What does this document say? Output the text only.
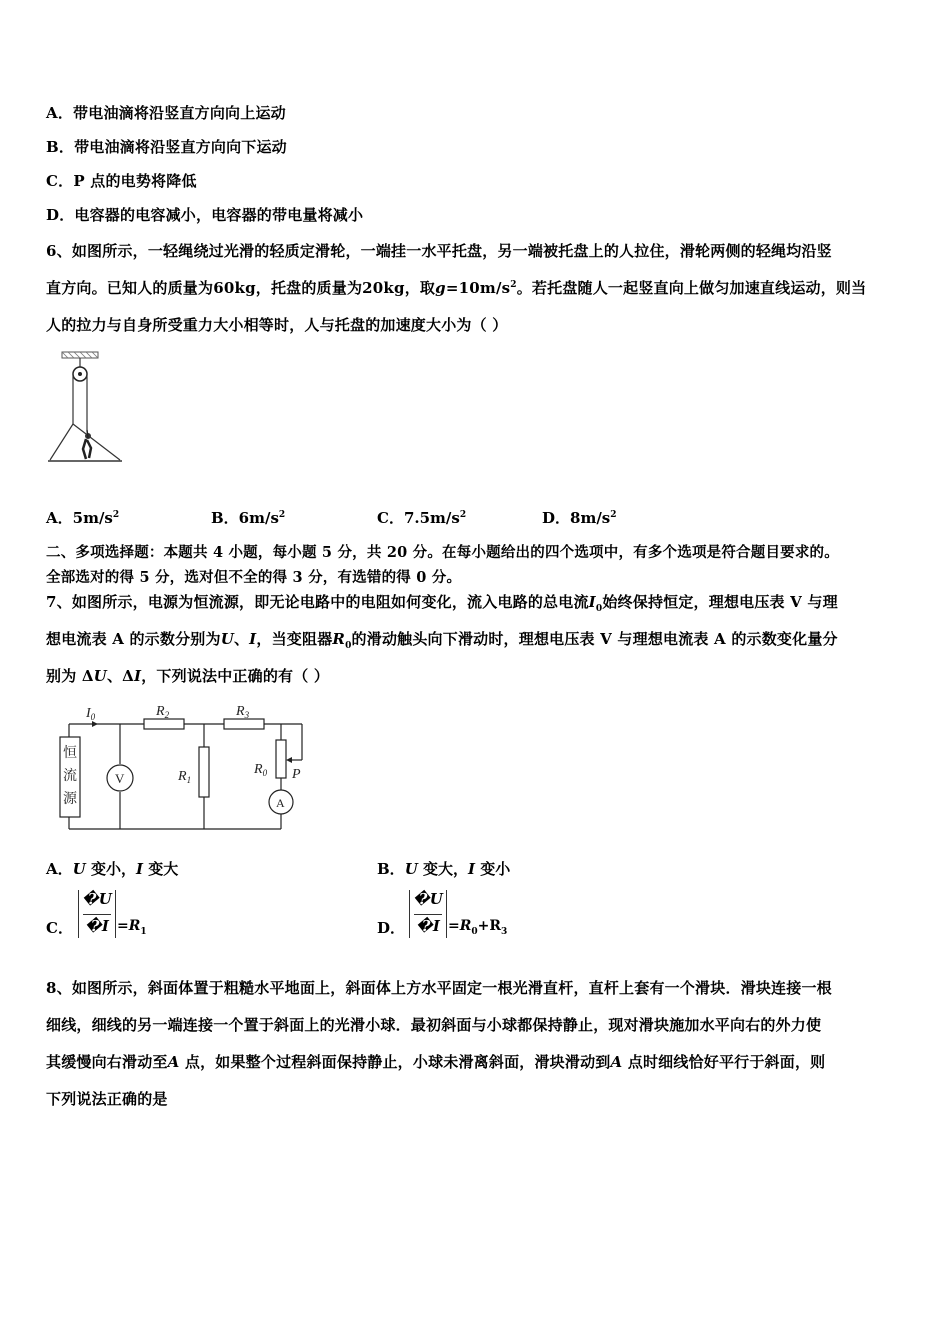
A．带电油滴将沿竖直方向向上运动
B．带电油滴将沿竖直方向向下运动
C．P 点的电势将降低
D．电容器的电容减小，电容器的带电量将减小
6、如图所示，一轻绳绕过光滑的轻质定滑轮，一端挂一水平托盘，另一端被托盘上的人拉住，滑轮两侧的轻绳均沿竖
直方向。已知人的质量为60kg，托盘的质量为20kg，取$g=10m/s^2$。若托盘随人一起竖直向上做匀加速直线运动，则当
人的拉力与自身所受重力大小相等时，人与托盘的加速度大小为（ ）
A．$5m/s^2$	B．$6m/s^2$	C．$7.5m/s^2$	D．$8m/s^2$
二、多项选择题：本题共 4 小题，每小题 5 分，共 20 分。在每小题给出的四个选项中，有多个选项是符合题目要求的。
全部选对的得 5 分，选对但不全的得 3 分，有选错的得 0 分。
7、如图所示，电源为恒流源，即无论电路中的电阻如何变化，流入电路的总电流$I_0$始终保持恒定，理想电压表 V 与理
想电流表 A 的示数分别为U、I，当变阻器$R_0$的滑动触头向下滑动时，理想电压表 V 与理想电流表 A 的示数变化量分
别为 ΔU、ΔI，下列说法中正确的有（ ）
$I_0$	$R_2$	$R_3$
$R_1$
$R_0$ P
V
A
恒
流
源
A．U 变小，I 变大	B．U 变大，I 变小
C．
�U
�I $=R_1$	D．
�U
�I $=R_0+R_3$
8、如图所示，斜面体置于粗糙水平地面上，斜面体上方水平固定一根光滑直杆，直杆上套有一个滑块．滑块连接一根
细线，细线的另一端连接一个置于斜面上的光滑小球．最初斜面与小球都保持静止，现对滑块施加水平向右的外力使
其缓慢向右滑动至A 点，如果整个过程斜面保持静止，小球未滑离斜面，滑块滑动到A 点时细线恰好平行于斜面，则
下列说法正确的是
